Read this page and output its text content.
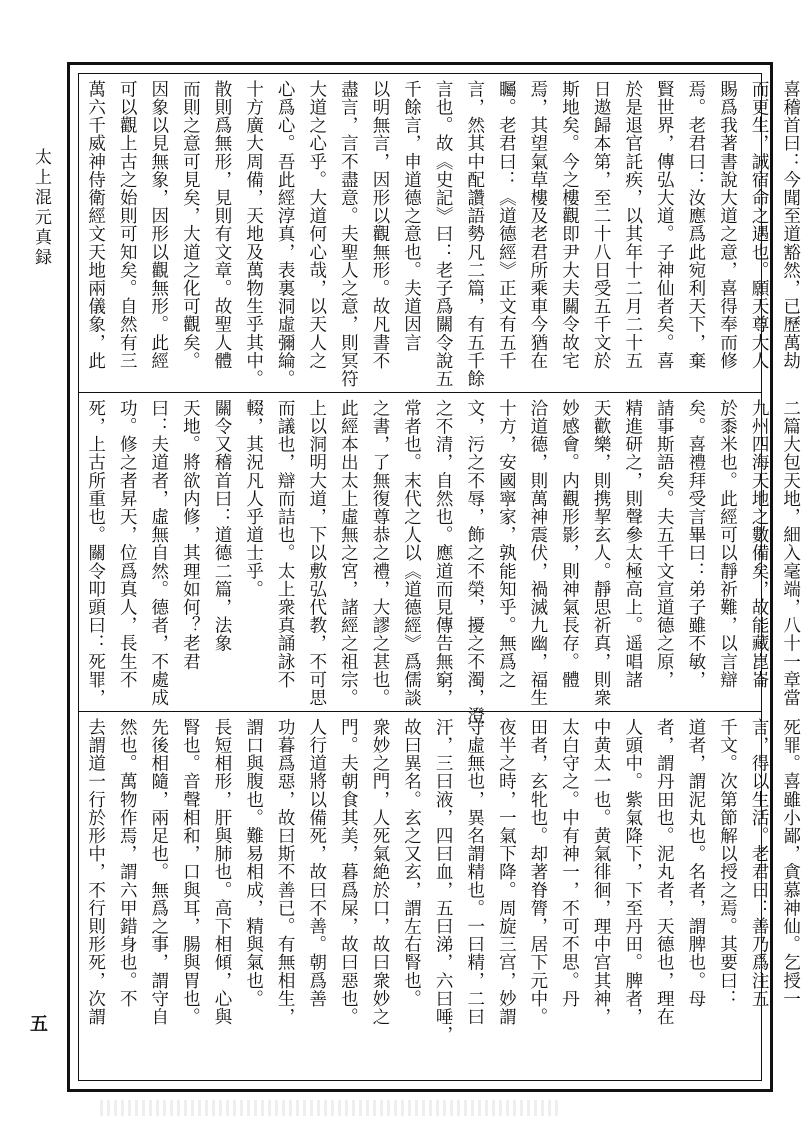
太上混元真録
五
喜稽首曰：今聞至道豁然，已歷萬劫
而更生，誠宿命之遇也。願天尊大人
賜爲我著書說大道之意，喜得奉而修
焉。老君曰：汝應爲此宛利天下，棄
賢世界，傳弘大道。子神仙者矣。喜
於是退官託疾，以其年十二月二十五
日遨歸本第，至二十八日受五千文於
斯地矣。今之樓觀即尹大夫關令故宅
焉，其望氣草樓及老君所乘車今猶在
矚。老君曰：《道德經》正文有五千
言，然其中配讚語勢凡二篇，有五千餘
言也。故《史記》曰：老子爲關令說五
千餘言，申道德之意也。夫道因言
以明無言，因形以觀無形。故凡書不
盡言，言不盡意。夫聖人之意，則冥符
大道之心乎。大道何心哉，以天人之
心爲心。吾此經淳真，表裏洞虛彌綸。
十方廣大周備，天地及萬物生乎其中。
散則爲無形，見則有文章。故聖人體
而則之意可見矣，大道之化可觀矣。
因象以見無象，因形以觀無形。此經
可以觀上古之始則可知矣。自然有三
萬六千威神侍衛經文天地兩儀象，此
二篇大包天地，細入毫端，八十一章當
九州四海天地之數備矣，故能藏崑崙
於黍米也。此經可以靜祈難，以言辯
矣。喜禮拜受言畢曰：弟子雖不敏，
請事斯語矣。夫五千文宣道德之原，
精進研之，則聲參太極高上。遥唱諸
天歡樂，則携挈玄人。靜思祈真，則衆
妙感會。内觀形影，則神氣長存。體
洽道德，則萬神震伏，禍滅九幽，福生
十方，安國寧家，孰能知乎。無爲之
文，污之不辱，飾之不榮，擾之不濁，澄
之不清，自然也。應道而見傳告無窮，
常者也。末代之人以《道德經》爲儒談
之書，了無復尊恭之禮，大謬之甚也。
此經本出太上虛無之宮，諸經之祖宗。
上以洞明大道，下以敷弘代教，不可思
而議也，辯而詰也。太上衆真誦詠不
輟，其況凡人乎道士乎。
關令又稽首曰：道德二篇，法象
天地。將欲内修，其理如何？老君
曰：夫道者，虛無自然。德者，不處成
功。修之者昇天，位爲真人，長生不
死，上古所重也。關令叩頭曰：死罪，
死罪。喜雖小鄙，貪慕神仙。乞授一
言，得以生活。老君曰：善乃爲注五
千文。次第節解以授之焉。其要曰：
道者，謂泥丸也。名者，謂脾也。母
者，謂丹田也。泥丸者，天德也，理在
人頭中。紫氣降下，下至丹田。脾者，
中黄太一也。黄氣徘徊，理中宫其神，
太白守之。中有神一，不可不思。丹
田者，玄牝也。却著脊膂，居下元中。
夜半之時，一氣下降。周旋三宫，妙謂
守虛無也，異名謂精也。一曰精，二曰
汗，三曰液，四曰血，五曰涕，六曰唾，
故曰異名。玄之又玄，謂左右腎也。
衆妙之門，人死氣絶於口，故曰衆妙之
門。夫朝食其美，暮爲屎，故曰惡也。
人行道將以備死，故曰不善。朝爲善
功暮爲惡，故曰斯不善已。有無相生，
謂口與腹也。難易相成，精與氣也。
長短相形，肝與肺也。高下相傾，心與
腎也。音聲相和，口與耳，腸與胃也。
先後相隨，兩足也。無爲之事，謂守自
然也。萬物作焉，謂六甲錯身也。不
去謂道一行於形中，不行則形死，次謂
